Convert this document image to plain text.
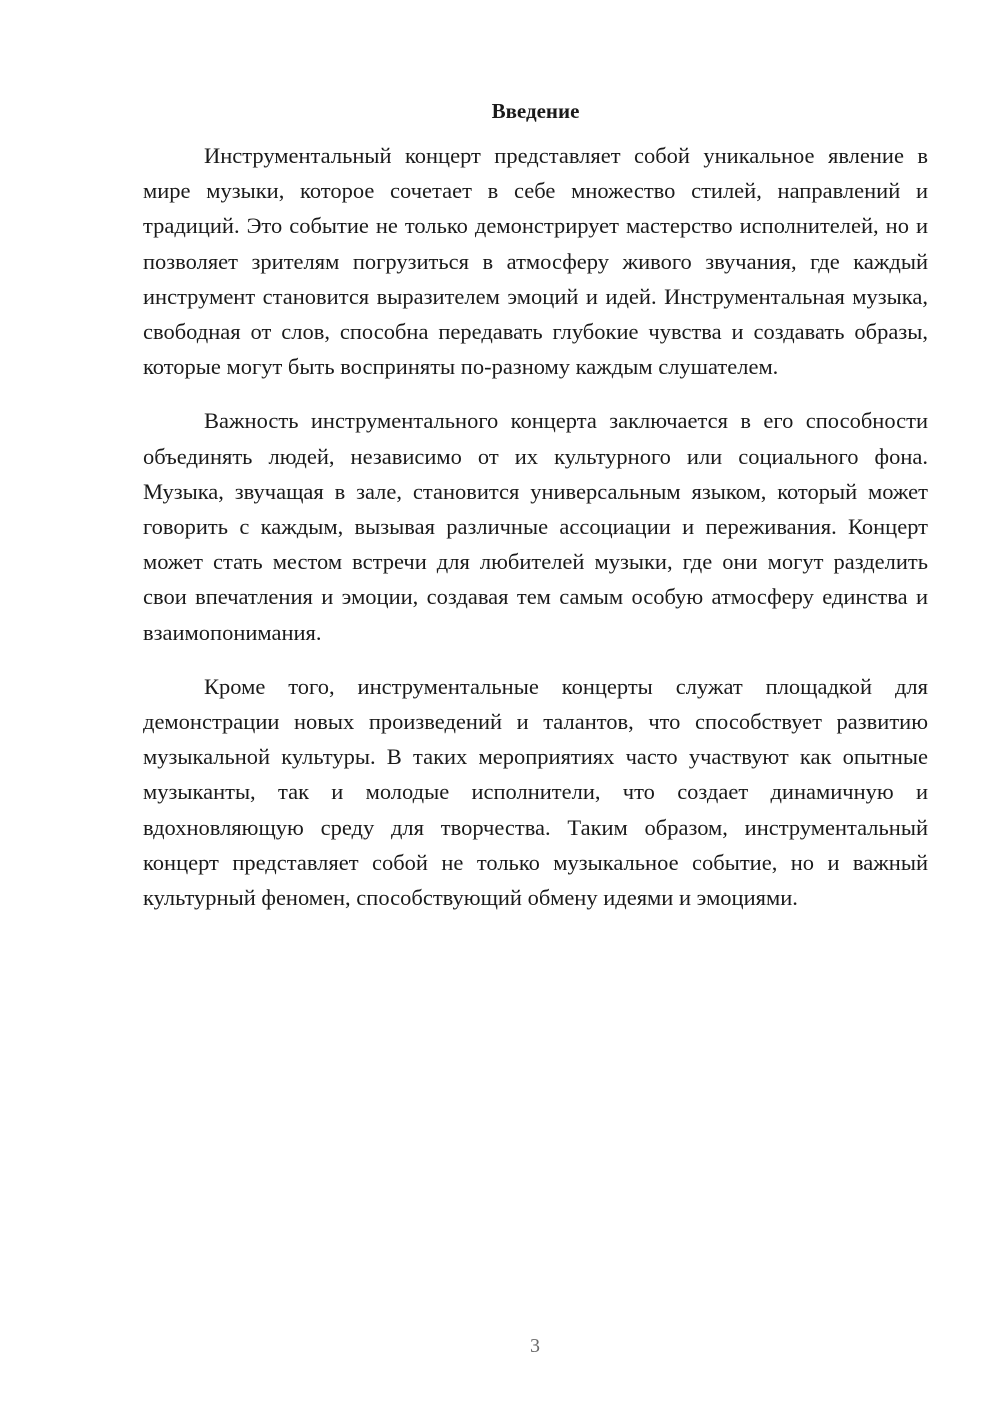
Введение

Инструментальный концерт представляет собой уникальное явление в мире музыки, которое сочетает в себе множество стилей, направлений и традиций. Это событие не только демонстрирует мастерство исполнителей, но и позволяет зрителям погрузиться в атмосферу живого звучания, где каждый инструмент становится выразителем эмоций и идей. Инструментальная музыка, свободная от слов, способна передавать глубокие чувства и создавать образы, которые могут быть восприняты по-разному каждым слушателем.

Важность инструментального концерта заключается в его способности объединять людей, независимо от их культурного или социального фона. Музыка, звучащая в зале, становится универсальным языком, который может говорить с каждым, вызывая различные ассоциации и переживания. Концерт может стать местом встречи для любителей музыки, где они могут разделить свои впечатления и эмоции, создавая тем самым особую атмосферу единства и взаимопонимания.

Кроме того, инструментальные концерты служат площадкой для демонстрации новых произведений и талантов, что способствует развитию музыкальной культуры. В таких мероприятиях часто участвуют как опытные музыканты, так и молодые исполнители, что создает динамичную и вдохновляющую среду для творчества. Таким образом, инструментальный концерт представляет собой не только музыкальное событие, но и важный культурный феномен, способствующий обмену идеями и эмоциями.

3
